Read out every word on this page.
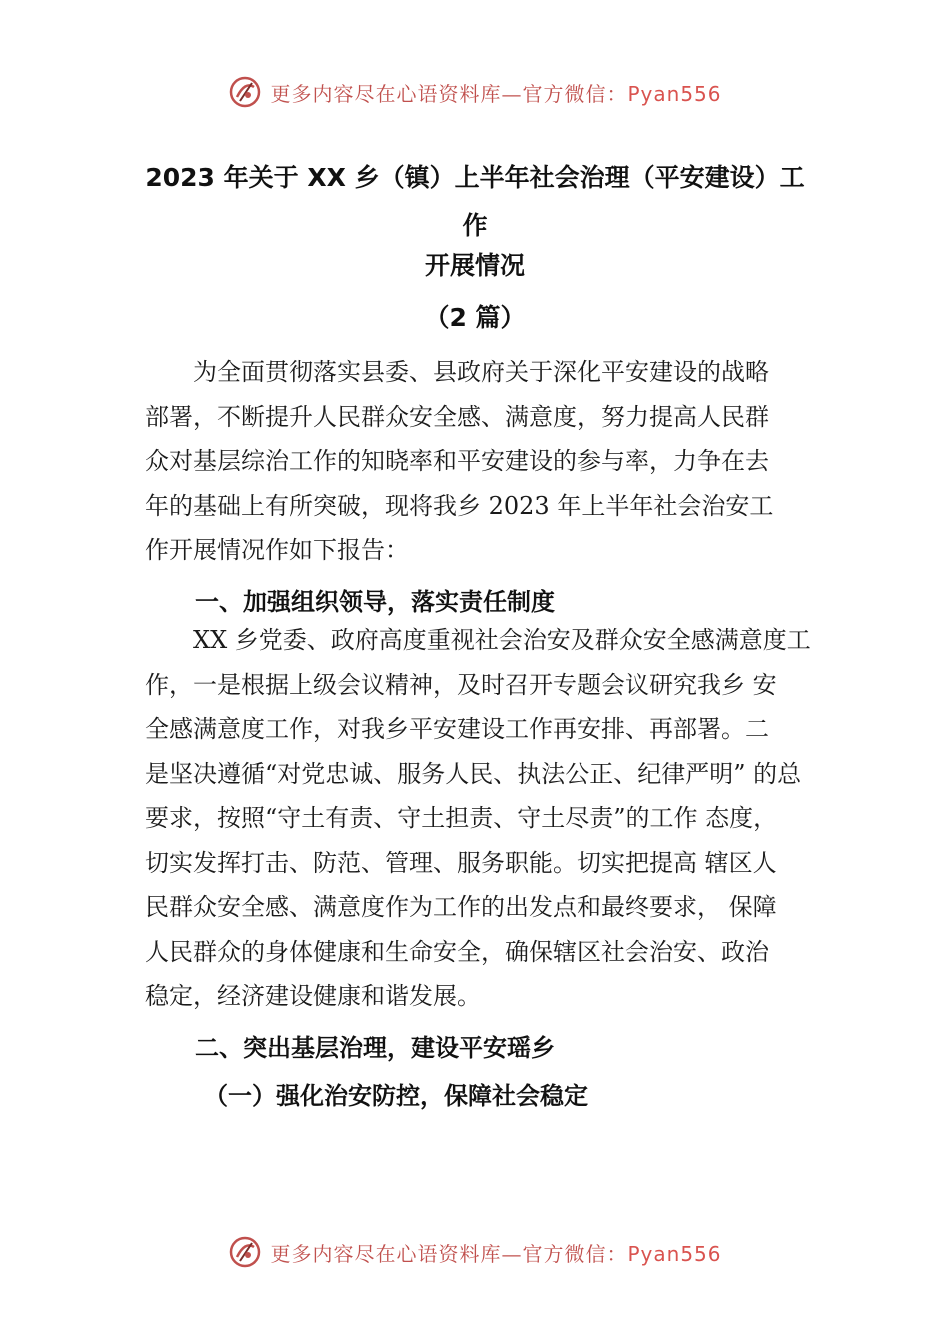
更多内容尽在心语资料库—官方微信：Pyan556
2023 年关于 XX 乡（镇）上半年社会治理（平安建设）工
作
开展情况
（2 篇）
　　为全面贯彻落实县委、县政府关于深化平安建设的战略
部署，不断提升人民群众安全感、满意度，努力提高人民群
众对基层综治工作的知晓率和平安建设的参与率，力争在去
年的基础上有所突破，现将我乡 2023 年上半年社会治安工
作开展情况作如下报告：
一、加强组织领导，落实责任制度
　　XX 乡党委、政府高度重视社会治安及群众安全感满意度工
作，一是根据上级会议精神，及时召开专题会议研究我乡 安
全感满意度工作，对我乡平安建设工作再安排、再部署。二
是坚决遵循“对党忠诚、服务人民、执法公正、纪律严明” 的总
要求，按照“守土有责、守土担责、守土尽责”的工作 态度，
切实发挥打击、防范、管理、服务职能。切实把提高 辖区人
民群众安全感、满意度作为工作的出发点和最终要求， 保障
人民群众的身体健康和生命安全，确保辖区社会治安、政治
稳定，经济建设健康和谐发展。
二、突出基层治理，建设平安瑶乡
（一）强化治安防控，保障社会稳定
更多内容尽在心语资料库—官方微信：Pyan556
